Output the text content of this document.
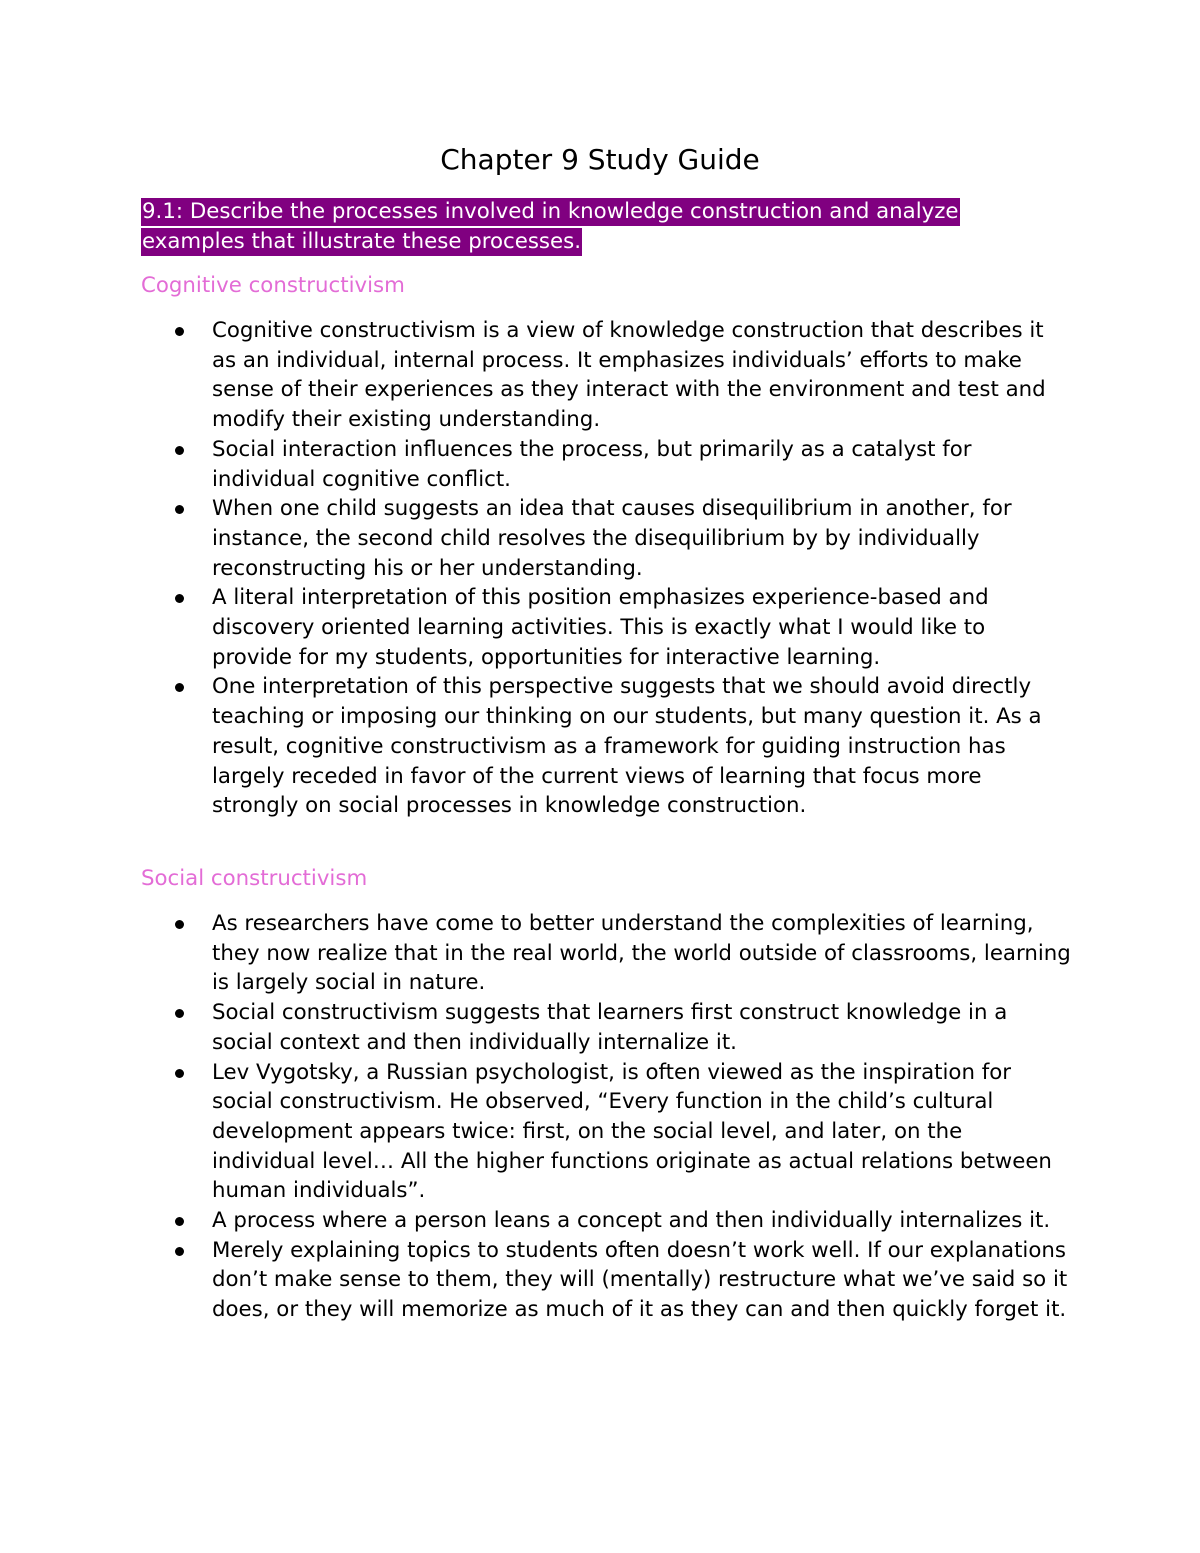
Chapter 9 Study Guide

9.1: Describe the processes involved in knowledge construction and analyze examples that illustrate these processes.

Cognitive constructivism
Cognitive constructivism is a view of knowledge construction that describes it as an individual, internal process. It emphasizes individuals’ efforts to make sense of their experiences as they interact with the environment and test and modify their existing understanding.
Social interaction influences the process, but primarily as a catalyst for individual cognitive conflict.
When one child suggests an idea that causes disequilibrium in another, for instance, the second child resolves the disequilibrium by by individually reconstructing his or her understanding.
A literal interpretation of this position emphasizes experience-based and discovery oriented learning activities. This is exactly what I would like to provide for my students, opportunities for interactive learning.
One interpretation of this perspective suggests that we should avoid directly teaching or imposing our thinking on our students, but many question it. As a result, cognitive constructivism as a framework for guiding instruction has largely receded in favor of the current views of learning that focus more strongly on social processes in knowledge construction.
Social constructivism
As researchers have come to better understand the complexities of learning, they now realize that in the real world, the world outside of classrooms, learning is largely social in nature.
Social constructivism suggests that learners first construct knowledge in a social context and then individually internalize it.
Lev Vygotsky, a Russian psychologist, is often viewed as the inspiration for social constructivism. He observed, “Every function in the child’s cultural development appears twice: first, on the social level, and later, on the individual level… All the higher functions originate as actual relations between human individuals”.
A process where a person leans a concept and then individually internalizes it.
Merely explaining topics to students often doesn’t work well. If our explanations don’t make sense to them, they will (mentally) restructure what we’ve said so it does, or they will memorize as much of it as they can and then quickly forget it.
